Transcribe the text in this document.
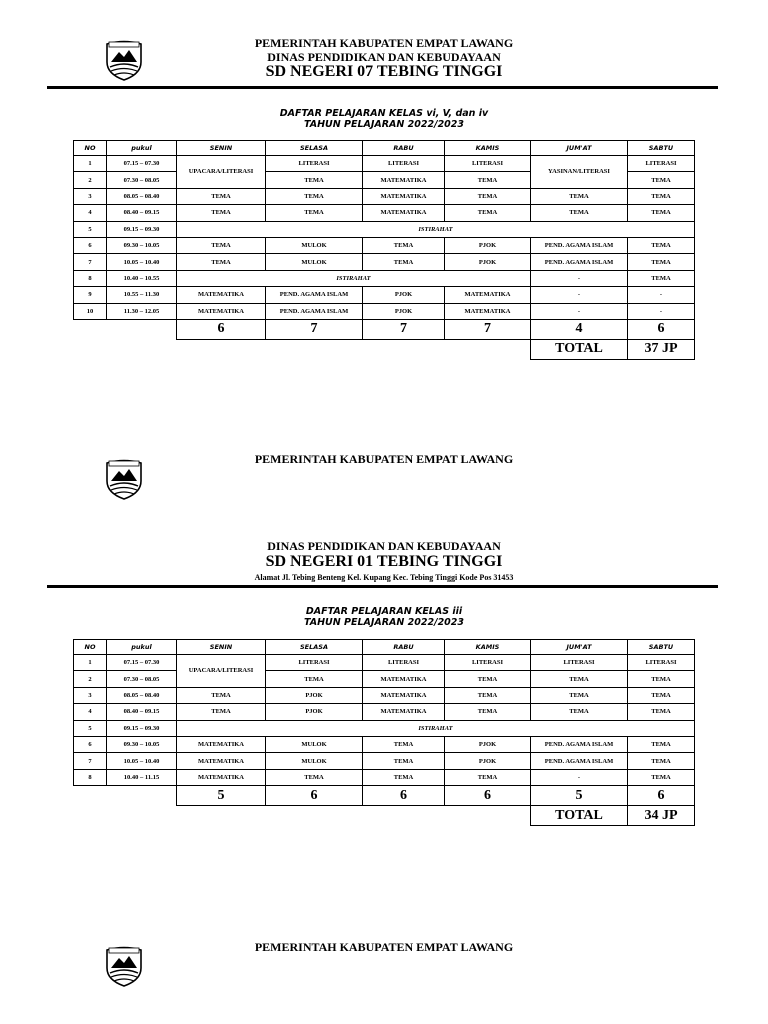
PEMERINTAH KABUPATEN EMPAT LAWANG
DINAS PENDIDIKAN DAN KEBUDAYAAN
SD NEGERI 07 TEBING TINGGI
DAFTAR PELAJARAN KELAS vi, V, dan iv
TAHUN PELAJARAN 2022/2023
NO	pukul	SENIN	SELASA	RABU	KAMIS	JUM'AT	SABTU
1	07.15 – 07.30	UPACARA/LITERASI	LITERASI	LITERASI	LITERASI	YASINAN/LITERASI	LITERASI
2	07.30 – 08.05		TEMA	MATEMATIKA	TEMA		TEMA
3	08.05 – 08.40	TEMA	TEMA	MATEMATIKA	TEMA	TEMA	TEMA
4	08.40 – 09.15	TEMA	TEMA	MATEMATIKA	TEMA	TEMA	TEMA
5	09.15 – 09.30	ISTIRAHAT					
6	09.30 – 10.05	TEMA	MULOK	TEMA	PJOK	PEND. AGAMA ISLAM	TEMA
7	10.05 – 10.40	TEMA	MULOK	TEMA	PJOK	PEND. AGAMA ISLAM	TEMA
8	10.40 – 10.55	ISTIRAHAT				-	TEMA
9	10.55 – 11.30	MATEMATIKA	PEND. AGAMA ISLAM	PJOK	MATEMATIKA	-	-
10	11.30 – 12.05	MATEMATIKA	PEND. AGAMA ISLAM	PJOK	MATEMATIKA	-	-
		6	7	7	7	4	6
						TOTAL	37 JP
PEMERINTAH KABUPATEN EMPAT LAWANG
DINAS PENDIDIKAN DAN KEBUDAYAAN
SD NEGERI 01 TEBING TINGGI
Alamat Jl. Tebing Benteng Kel. Kupang Kec. Tebing Tinggi Kode Pos 31453
DAFTAR PELAJARAN KELAS iii
TAHUN PELAJARAN 2022/2023
NO	pukul	SENIN	SELASA	RABU	KAMIS	JUM'AT	SABTU
1	07.15 – 07.30	UPACARA/LITERASI	LITERASI	LITERASI	LITERASI	LITERASI	LITERASI
2	07.30 – 08.05		TEMA	MATEMATIKA	TEMA	TEMA	TEMA
3	08.05 – 08.40	TEMA	PJOK	MATEMATIKA	TEMA	TEMA	TEMA
4	08.40 – 09.15	TEMA	PJOK	MATEMATIKA	TEMA	TEMA	TEMA
5	09.15 – 09.30	ISTIRAHAT					
6	09.30 – 10.05	MATEMATIKA	MULOK	TEMA	PJOK	PEND. AGAMA ISLAM	TEMA
7	10.05 – 10.40	MATEMATIKA	MULOK	TEMA	PJOK	PEND. AGAMA ISLAM	TEMA
8	10.40 – 11.15	MATEMATIKA	TEMA	TEMA	TEMA	-	TEMA
		5	6	6	6	5	6
						TOTAL	34 JP
PEMERINTAH KABUPATEN EMPAT LAWANG
